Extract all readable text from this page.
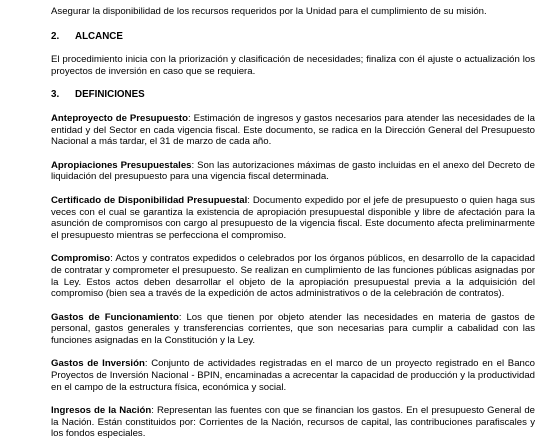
Asegurar la disponibilidad de los recursos requeridos por la Unidad para el cumplimiento de su misión.

2. ALCANCE

El procedimiento inicia con la priorización y clasificación de necesidades; finaliza con él ajuste o actualización los proyectos de inversión en caso que se requiera.

3. DEFINICIONES

Anteproyecto de Presupuesto: Estimación de ingresos y gastos necesarios para atender las necesidades de la entidad y del Sector en cada vigencia fiscal. Este documento, se radica en la Dirección General del Presupuesto Nacional a más tardar, el 31 de marzo de cada año.

Apropiaciones Presupuestales: Son las autorizaciones máximas de gasto incluidas en el anexo del Decreto de liquidación del presupuesto para una vigencia fiscal determinada.

Certificado de Disponibilidad Presupuestal: Documento expedido por el jefe de presupuesto o quien haga sus veces con el cual se garantiza la existencia de apropiación presupuestal disponible y libre de afectación para la asunción de compromisos con cargo al presupuesto de la vigencia fiscal. Este documento afecta preliminarmente el presupuesto mientras se perfecciona el compromiso.

Compromiso: Actos y contratos expedidos o celebrados por los órganos públicos, en desarrollo de la capacidad de contratar y comprometer el presupuesto. Se realizan en cumplimiento de las funciones públicas asignadas por la Ley. Estos actos deben desarrollar el objeto de la apropiación presupuestal previa a la adquisición del compromiso (bien sea a través de la expedición de actos administrativos o de la celebración de contratos).

Gastos de Funcionamiento: Los que tienen por objeto atender las necesidades en materia de gastos de personal, gastos generales y transferencias corrientes, que son necesarias para cumplir a cabalidad con las funciones asignadas en la Constitución y la Ley.

Gastos de Inversión: Conjunto de actividades registradas en el marco de un proyecto registrado en el Banco Proyectos de Inversión Nacional - BPIN, encaminadas a acrecentar la capacidad de producción y la productividad en el campo de la estructura física, económica y social.

Ingresos de la Nación: Representan las fuentes con que se financian los gastos. En el presupuesto General de la Nación. Están constituidos por: Corrientes de la Nación, recursos de capital, las contribuciones parafiscales y los fondos especiales.
